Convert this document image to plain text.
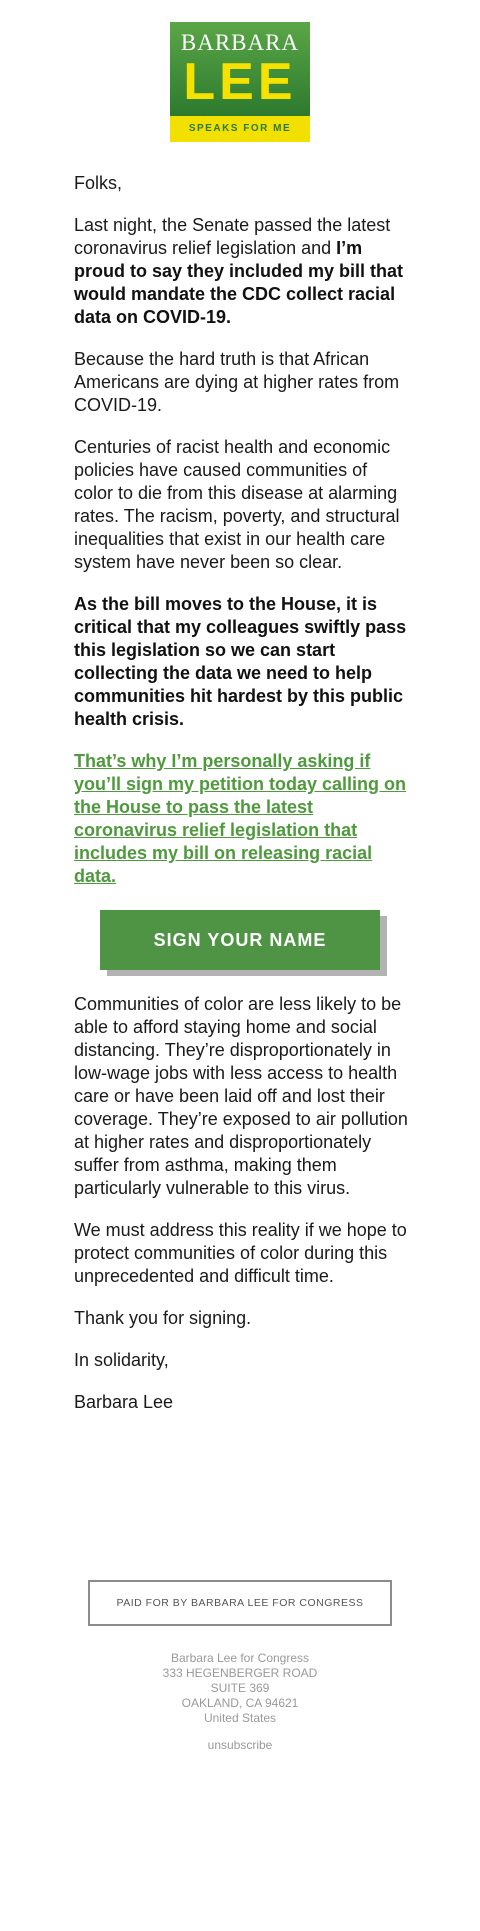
BARBARA
LEE
SPEAKS FOR ME

Folks,

Last night, the Senate passed the latest coronavirus relief legislation and I’m proud to say they included my bill that would mandate the CDC collect racial data on COVID-19.

Because the hard truth is that African Americans are dying at higher rates from COVID-19.

Centuries of racist health and economic policies have caused communities of color to die from this disease at alarming rates. The racism, poverty, and structural inequalities that exist in our health care system have never been so clear.

As the bill moves to the House, it is critical that my colleagues swiftly pass this legislation so we can start collecting the data we need to help communities hit hardest by this public health crisis.

That’s why I’m personally asking if you’ll sign my petition today calling on the House to pass the latest coronavirus relief legislation that includes my bill on releasing racial data.

SIGN YOUR NAME

Communities of color are less likely to be able to afford staying home and social distancing. They’re disproportionately in low-wage jobs with less access to health care or have been laid off and lost their coverage. They’re exposed to air pollution at higher rates and disproportionately suffer from asthma, making them particularly vulnerable to this virus.

We must address this reality if we hope to protect communities of color during this unprecedented and difficult time.

Thank you for signing.

In solidarity,

Barbara Lee

PAID FOR BY BARBARA LEE FOR CONGRESS
Barbara Lee for Congress
333 HEGENBERGER ROAD
SUITE 369
OAKLAND, CA 94621
United States
unsubscribe
